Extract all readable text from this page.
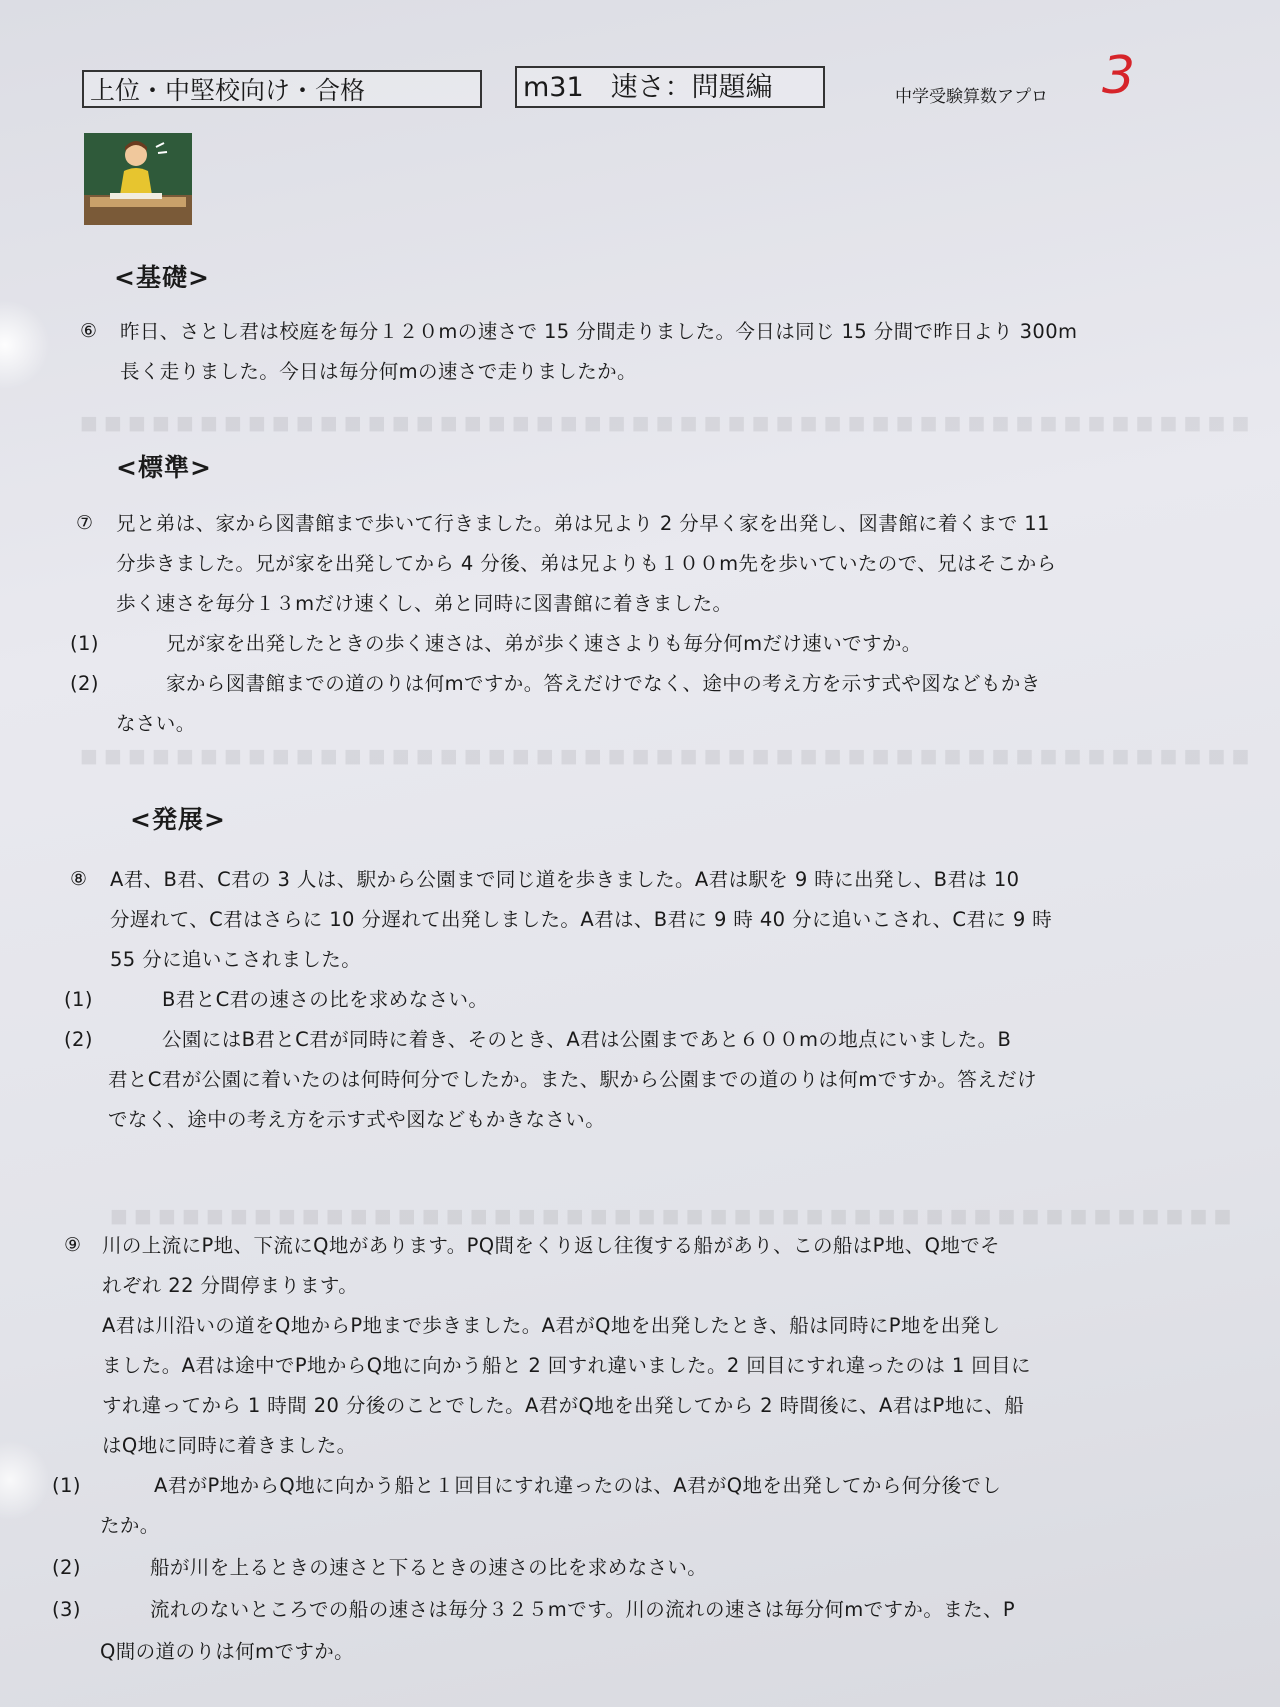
上位・中堅校向け・合格	m31　速さ：問題編	中学受験算数アプロ 3
■ ■ ■ ■ ■ ■ ■ ■ ■ ■ ■ ■ ■ ■ ■ ■ ■ ■ ■ ■ ■ ■ ■ ■ ■ ■ ■ ■ ■ ■ ■ ■ ■ ■ ■ ■ ■ ■ ■ ■ ■ ■ ■ ■ ■ ■ ■ ■ ■
■ ■ ■ ■ ■ ■ ■ ■ ■ ■ ■ ■ ■ ■ ■ ■ ■ ■ ■ ■ ■ ■ ■ ■ ■ ■ ■ ■ ■ ■ ■ ■ ■ ■ ■ ■ ■ ■ ■ ■ ■ ■ ■ ■ ■ ■ ■ ■ ■
■ ■ ■ ■ ■ ■ ■ ■ ■ ■ ■ ■ ■ ■ ■ ■ ■ ■ ■ ■ ■ ■ ■ ■ ■ ■ ■ ■ ■ ■ ■ ■ ■ ■ ■ ■ ■ ■ ■ ■ ■ ■ ■ ■ ■ ■ ■
<基礎>
⑥ 昨日、さとし君は校庭を毎分１２０mの速さで 15 分間走りました。今日は同じ 15 分間で昨日より 300m
長く走りました。今日は毎分何mの速さで走りましたか。
<標準>
⑦ 兄と弟は、家から図書館まで歩いて行きました。弟は兄より 2 分早く家を出発し、図書館に着くまで 11
分歩きました。兄が家を出発してから 4 分後、弟は兄よりも１００m先を歩いていたので、兄はそこから
歩く速さを毎分１３mだけ速くし、弟と同時に図書館に着きました。
(1)	兄が家を出発したときの歩く速さは、弟が歩く速さよりも毎分何mだけ速いですか。
(2)	家から図書館までの道のりは何mですか。答えだけでなく、途中の考え方を示す式や図などもかき
なさい。
<発展>
⑧ A君、B君、C君の 3 人は、駅から公園まで同じ道を歩きました。A君は駅を 9 時に出発し、B君は 10
分遅れて、C君はさらに 10 分遅れて出発しました。A君は、B君に 9 時 40 分に追いこされ、C君に 9 時
55 分に追いこされました。
(1)	B君とC君の速さの比を求めなさい。
(2)	公園にはB君とC君が同時に着き、そのとき、A君は公園まであと６００mの地点にいました。B
君とC君が公園に着いたのは何時何分でしたか。また、駅から公園までの道のりは何mですか。答えだけ
でなく、途中の考え方を示す式や図などもかきなさい。
⑨ 川の上流にP地、下流にQ地があります。PQ間をくり返し往復する船があり、この船はP地、Q地でそ
れぞれ 22 分間停まります。
A君は川沿いの道をQ地からP地まで歩きました。A君がQ地を出発したとき、船は同時にP地を出発し
ました。A君は途中でP地からQ地に向かう船と 2 回すれ違いました。2 回目にすれ違ったのは 1 回目に
すれ違ってから 1 時間 20 分後のことでした。A君がQ地を出発してから 2 時間後に、A君はP地に、船
はQ地に同時に着きました。
(1)	A君がP地からQ地に向かう船と１回目にすれ違ったのは、A君がQ地を出発してから何分後でし
たか。
(2)	船が川を上るときの速さと下るときの速さの比を求めなさい。
(3)	流れのないところでの船の速さは毎分３２５mです。川の流れの速さは毎分何mですか。また、P
Q間の道のりは何mですか。
